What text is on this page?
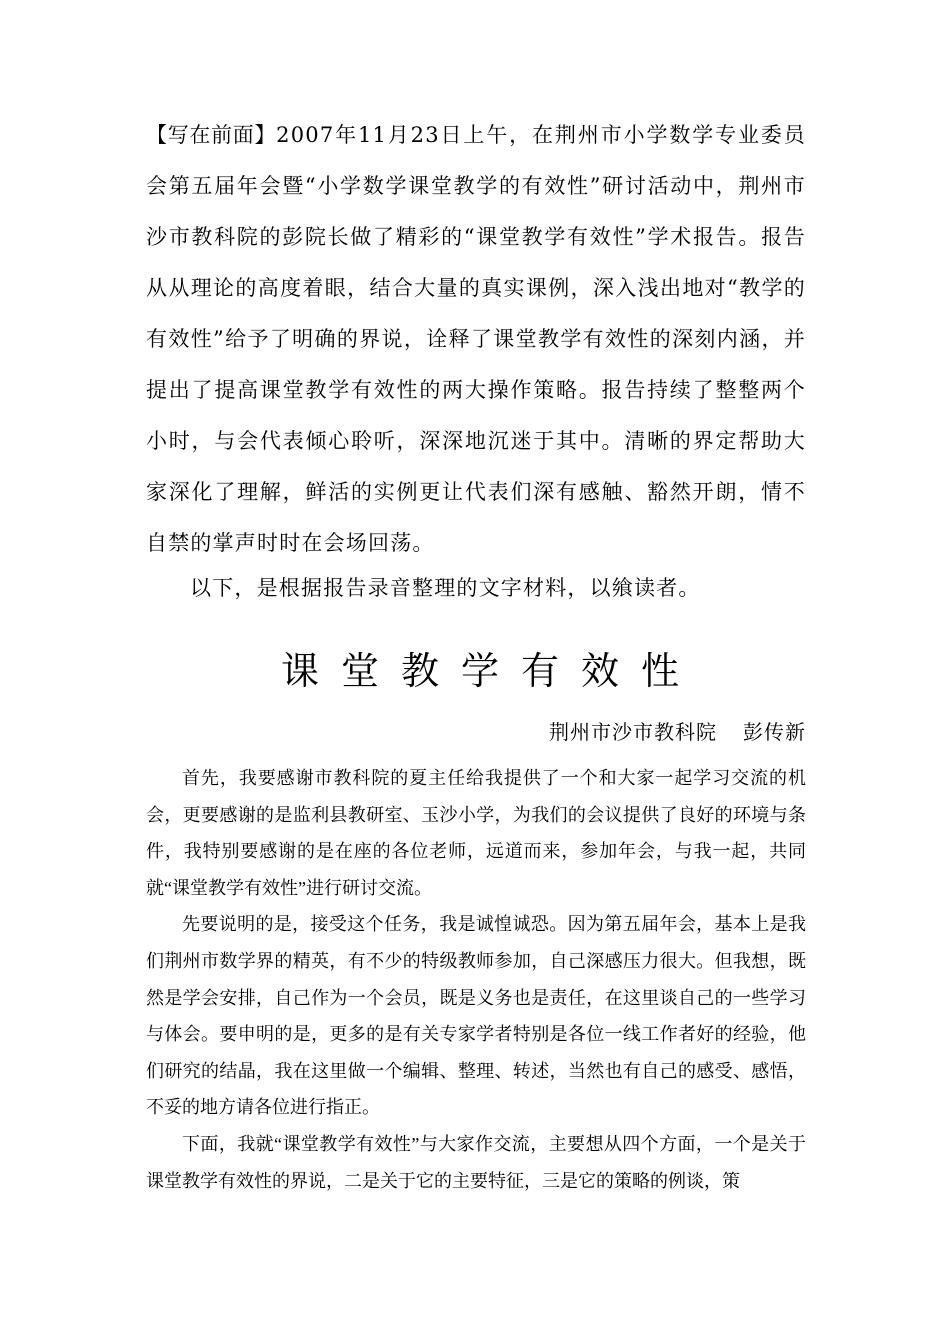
【写在前面】2007年11月23日上午，在荆州市小学数学专业委员会第五届年会暨“小学数学课堂教学的有效性”研讨活动中，荆州市沙市教科院的彭院长做了精彩的“课堂教学有效性”学术报告。报告从从理论的高度着眼，结合大量的真实课例，深入浅出地对“教学的有效性”给予了明确的界说，诠释了课堂教学有效性的深刻内涵，并提出了提高课堂教学有效性的两大操作策略。报告持续了整整两个小时，与会代表倾心聆听，深深地沉迷于其中。清晰的界定帮助大家深化了理解，鲜活的实例更让代表们深有感触、豁然开朗，情不自禁的掌声时时在会场回荡。
以下，是根据报告录音整理的文字材料，以飨读者。
课堂教学有效性
荆州市沙市教科院 彭传新

首先，我要感谢市教科院的夏主任给我提供了一个和大家一起学习交流的机会，更要感谢的是监利县教研室、玉沙小学，为我们的会议提供了良好的环境与条件，我特别要感谢的是在座的各位老师，远道而来，参加年会，与我一起，共同就“课堂教学有效性”进行研讨交流。

先要说明的是，接受这个任务，我是诚惶诚恐。因为第五届年会，基本上是我们荆州市数学界的精英，有不少的特级教师参加，自己深感压力很大。但我想，既然是学会安排，自己作为一个会员，既是义务也是责任，在这里谈自己的一些学习与体会。要申明的是，更多的是有关专家学者特别是各位一线工作者好的经验，他们研究的结晶，我在这里做一个编辑、整理、转述，当然也有自己的感受、感悟，不妥的地方请各位进行指正。

下面，我就“课堂教学有效性”与大家作交流，主要想从四个方面，一个是关于课堂教学有效性的界说，二是关于它的主要特征，三是它的策略的例谈，策
